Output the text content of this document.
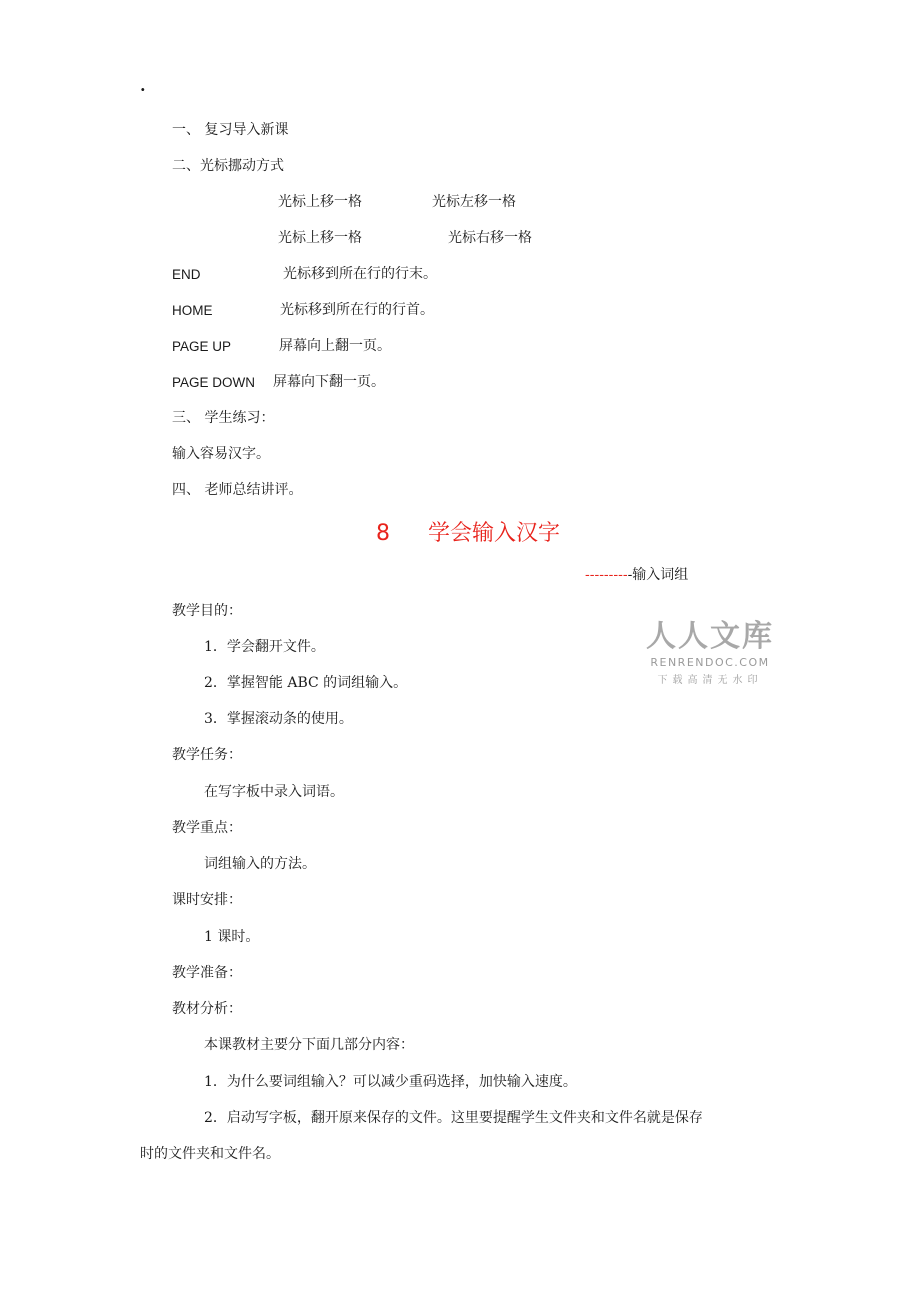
·
一、 复习导入新课
二、光标挪动方式
光标上移一格	光标左移一格
光标上移一格	光标右移一格
END	光标移到所在行的行末。
HOME	光标移到所在行的行首。
PAGE UP	屏幕向上翻一页。
PAGE DOWN 屏幕向下翻一页。
三、 学生练习：
输入容易汉字。
四、 老师总结讲评。
8 学会输入汉字
----------输入词组
教学目的：
1．学会翻开文件。
2．掌握智能 ABC 的词组输入。
3．掌握滚动条的使用。
教学任务：
在写字板中录入词语。
教学重点：
词组输入的方法。
课时安排：
1 课时。
教学准备：
教材分析：
本课教材主要分下面几部分内容：
1．为什么要词组输入？可以减少重码选择，加快输入速度。
2．启动写字板，翻开原来保存的文件。这里要提醒学生文件夹和文件名就是保存
时的文件夹和文件名。
人人文库
RENRENDOC.COM
下载高清无水印
